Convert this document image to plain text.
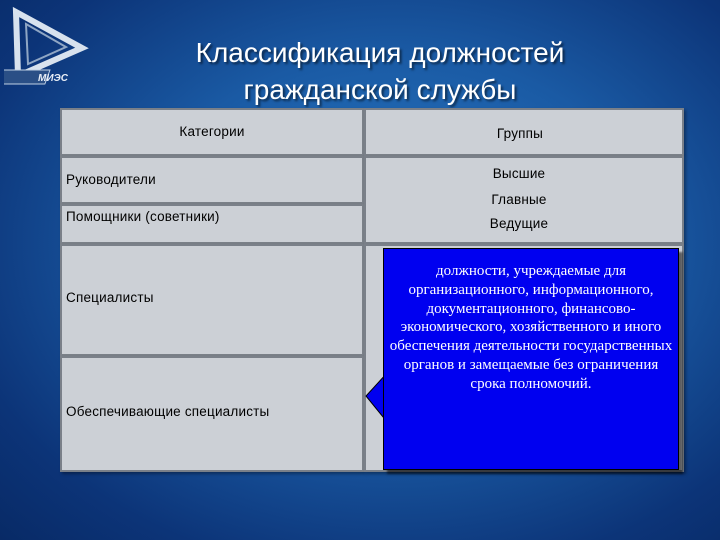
МИЭС
Классификация должностей
гражданской службы
Категории	Группы
Руководители
Помощники (советники)
Специалисты
Обеспечивающие специалисты
Высшие
Главные
Ведущие
должности, учреждаемые для организационного, информационного, документационного, финансово-экономического, хозяйственного и иного обеспечения деятельности государственных органов и замещаемые без ограничения срока полномочий.
